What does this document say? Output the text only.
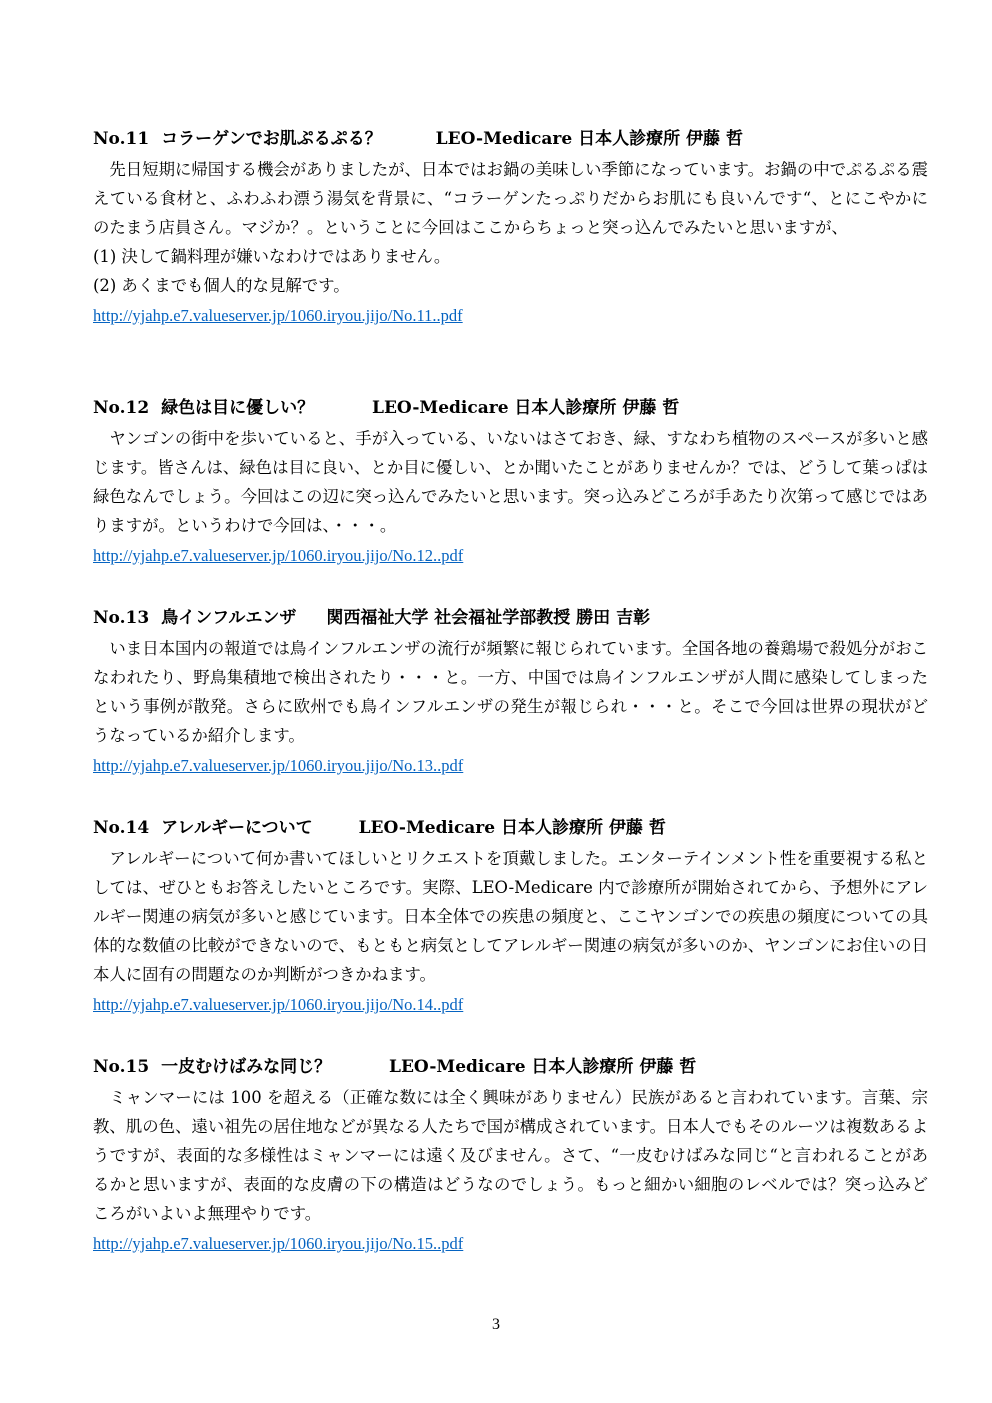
No.11 コラーゲンでお肌ぷるぷる？	LEO-Medicare 日本人診療所 伊藤 哲

先日短期に帰国する機会がありましたが、日本ではお鍋の美味しい季節になっています。お鍋の中でぷるぷる震えている食材と、ふわふわ漂う湯気を背景に、“コラーゲンたっぷりだからお肌にも良いんです“、とにこやかにのたまう店員さん。マジか？。ということに今回はここからちょっと突っ込んでみたいと思いますが、

(1) 決して鍋料理が嫌いなわけではありません。

(2) あくまでも個人的な見解です。

http://yjahp.e7.valueserver.jp/1060.iryou.jijo/No.11..pdf
No.12 緑色は目に優しい？	LEO-Medicare 日本人診療所 伊藤 哲

ヤンゴンの街中を歩いていると、手が入っている、いないはさておき、緑、すなわち植物のスペースが多いと感じます。皆さんは、緑色は目に良い、とか目に優しい、とか聞いたことがありませんか？では、どうして葉っぱは緑色なんでしょう。今回はこの辺に突っ込んでみたいと思います。突っ込みどころが手あたり次第って感じではありますが。というわけで今回は、・・・。

http://yjahp.e7.valueserver.jp/1060.iryou.jijo/No.12..pdf
No.13 鳥インフルエンザ 関西福祉大学 社会福祉学部教授 勝田 吉彰

いま日本国内の報道では鳥インフルエンザの流行が頻繁に報じられています。全国各地の養鶏場で殺処分がおこなわれたり、野鳥集積地で検出されたり・・・と。一方、中国では鳥インフルエンザが人間に感染してしまったという事例が散発。さらに欧州でも鳥インフルエンザの発生が報じられ・・・と。そこで今回は世界の現状がどうなっているか紹介します。

http://yjahp.e7.valueserver.jp/1060.iryou.jijo/No.13..pdf
No.14 アレルギーについて	LEO-Medicare 日本人診療所 伊藤 哲

アレルギーについて何か書いてほしいとリクエストを頂戴しました。エンターテインメント性を重要視する私としては、ぜひともお答えしたいところです。実際、LEO-Medicare 内で診療所が開始されてから、予想外にアレルギー関連の病気が多いと感じています。日本全体での疾患の頻度と、ここヤンゴンでの疾患の頻度についての具体的な数値の比較ができないので、もともと病気としてアレルギー関連の病気が多いのか、ヤンゴンにお住いの日本人に固有の問題なのか判断がつきかねます。

http://yjahp.e7.valueserver.jp/1060.iryou.jijo/No.14..pdf
No.15 一皮むけばみな同じ？	LEO-Medicare 日本人診療所 伊藤 哲

ミャンマーには 100 を超える（正確な数には全く興味がありません）民族があると言われています。言葉、宗教、肌の色、遠い祖先の居住地などが異なる人たちで国が構成されています。日本人でもそのルーツは複数あるようですが、表面的な多様性はミャンマーには遠く及びません。さて、“一皮むけばみな同じ“と言われることがあるかと思いますが、表面的な皮膚の下の構造はどうなのでしょう。もっと細かい細胞のレベルでは？突っ込みどころがいよいよ無理やりです。

http://yjahp.e7.valueserver.jp/1060.iryou.jijo/No.15..pdf
3
